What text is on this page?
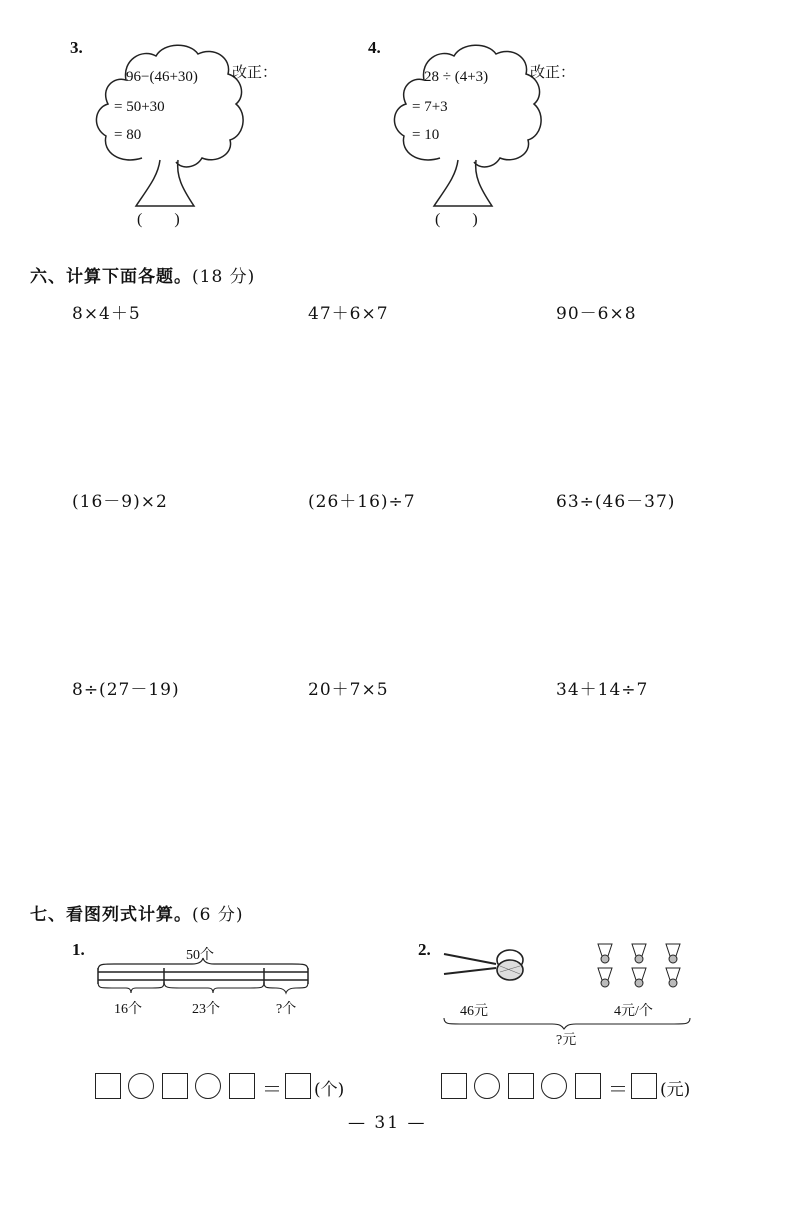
3.
96−(46+30)
= 50+30
= 80
改正：
(　　)
4.
28 ÷ (4+3)
= 7+3
= 10
改正：
(　　)
六、计算下面各题。(18 分)
8×4＋5	47＋6×7	90－6×8
(16－9)×2	(26＋16)÷7	63÷(46－37)
8÷(27－19)	20＋7×5	34＋14÷7
七、看图列式计算。(6 分)
1.	50个
16个	23个	?个
2.
46元	4元/个
?元
＝ (个)	＝ (元)
— 31 —
